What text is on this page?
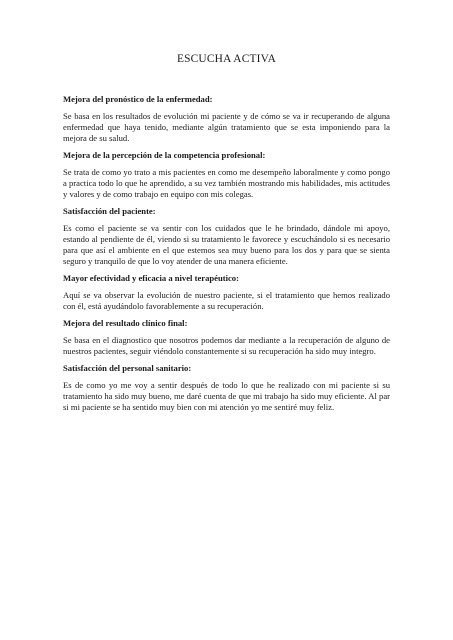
ESCUCHA ACTIVA

Mejora del pronóstico de la enfermedad:

Se basa en los resultados de evolución mi paciente y de cómo se va ir recuperando de alguna enfermedad que haya tenido, mediante algún tratamiento que se esta imponiendo para la mejora de su salud.

Mejora de la percepción de la competencia profesional:

Se trata de como yo trato a mis pacientes en como me desempeño laboralmente y como pongo a practica todo lo que he aprendido, a su vez también mostrando mis habilidades, mis actitudes y valores y de como trabajo en equipo con mis colegas.

Satisfacción del paciente:

Es como el paciente se va sentir con los cuidados que le he brindado, dándole mi apoyo, estando al pendiente de él, viendo si su tratamiento le favorece y escuchándolo si es necesario para que así el ambiente en el que estemos sea muy bueno para los dos y para que se sienta seguro y tranquilo de que lo voy atender de una manera eficiente.

Mayor efectividad y eficacia a nivel terapéutico:

Aquí se va observar la evolución de nuestro paciente, si el tratamiento que hemos realizado con él, está ayudándolo favorablemente a su recuperación.

Mejora del resultado clínico final:

Se basa en el diagnostico que nosotros podemos dar mediante a la recuperación de alguno de nuestros pacientes, seguir viéndolo constantemente si su recuperación ha sido muy integro.

Satisfacción del personal sanitario:

Es de como yo me voy a sentir después de todo lo que he realizado con mi paciente si su tratamiento ha sido muy bueno, me daré cuenta de que mi trabajo ha sido muy eficiente. Al par si mi paciente se ha sentido muy bien con mi atención yo me sentiré muy feliz.
